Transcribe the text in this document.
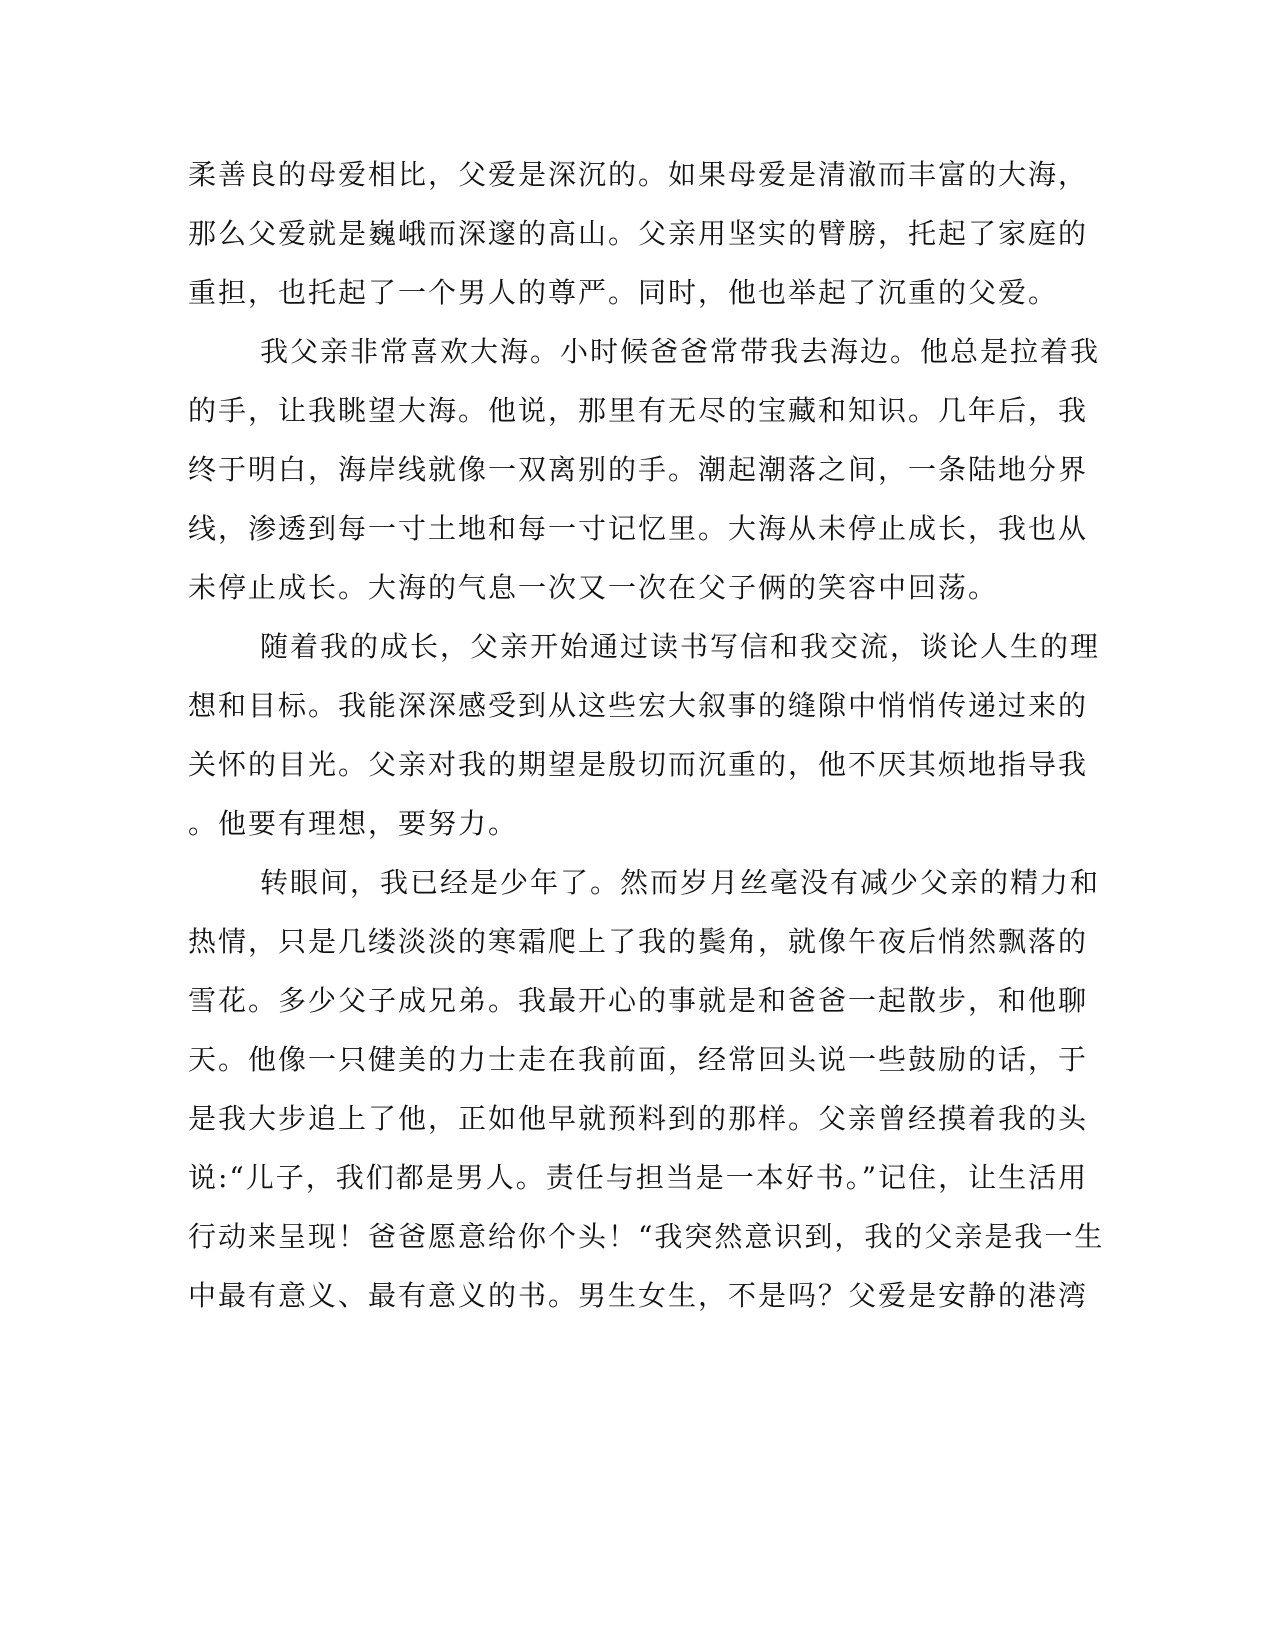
柔善良的母爱相比，父爱是深沉的。如果母爱是清澈而丰富的大海，
那么父爱就是巍峨而深邃的高山。父亲用坚实的臂膀，托起了家庭的
重担，也托起了一个男人的尊严。同时，他也举起了沉重的父爱。
我父亲非常喜欢大海。小时候爸爸常带我去海边。他总是拉着我
的手，让我眺望大海。他说，那里有无尽的宝藏和知识。几年后，我
终于明白，海岸线就像一双离别的手。潮起潮落之间，一条陆地分界
线，渗透到每一寸土地和每一寸记忆里。大海从未停止成长，我也从
未停止成长。大海的气息一次又一次在父子俩的笑容中回荡。
随着我的成长，父亲开始通过读书写信和我交流，谈论人生的理
想和目标。我能深深感受到从这些宏大叙事的缝隙中悄悄传递过来的
关怀的目光。父亲对我的期望是殷切而沉重的，他不厌其烦地指导我
。他要有理想，要努力。
转眼间，我已经是少年了。然而岁月丝毫没有减少父亲的精力和
热情，只是几缕淡淡的寒霜爬上了我的鬓角，就像午夜后悄然飘落的
雪花。多少父子成兄弟。我最开心的事就是和爸爸一起散步，和他聊
天。他像一只健美的力士走在我前面，经常回头说一些鼓励的话，于
是我大步追上了他，正如他早就预料到的那样。父亲曾经摸着我的头
说:“儿子，我们都是男人。责任与担当是一本好书。”记住，让生活用
行动来呈现！爸爸愿意给你个头！“我突然意识到，我的父亲是我一生
中最有意义、最有意义的书。男生女生，不是吗？父爱是安静的港湾
